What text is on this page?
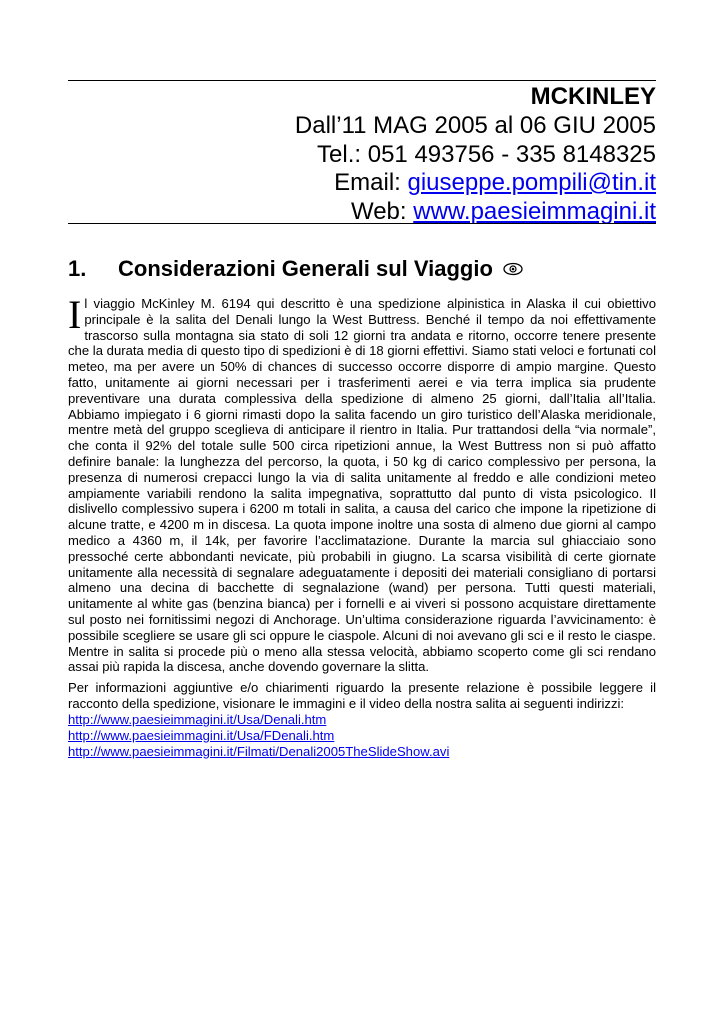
MCKINLEY

Dall’11 MAG 2005 al 06 GIU 2005

Tel.: 051 493756 - 335 8148325

Email: giuseppe.pompili@tin.it

Web: www.paesieimmagini.it

1.	Considerazioni Generali sul Viaggio

Il viaggio McKinley M. 6194 qui descritto è una spedizione alpinistica in Alaska il cui obiettivo principale è la salita del Denali lungo la West Buttress. Benché il tempo da noi effettivamente trascorso sulla montagna sia stato di soli 12 giorni tra andata e ritorno, occorre tenere presente che la durata media di questo tipo di spedizioni è di 18 giorni effettivi. Siamo stati veloci e fortunati col meteo, ma per avere un 50% di chances di successo occorre disporre di ampio margine. Questo fatto, unitamente ai giorni necessari per i trasferimenti aerei e via terra implica sia prudente preventivare una durata complessiva della spedizione di almeno 25 giorni, dall’Italia all’Italia. Abbiamo impiegato i 6 giorni rimasti dopo la salita facendo un giro turistico dell’Alaska meridionale, mentre metà del gruppo sceglieva di anticipare il rientro in Italia. Pur trattandosi della “via normale”, che conta il 92% del totale sulle 500 circa ripetizioni annue, la West Buttress non si può affatto definire banale: la lunghezza del percorso, la quota, i 50 kg di carico complessivo per persona, la presenza di numerosi crepacci lungo la via di salita unitamente al freddo e alle condizioni meteo ampiamente variabili rendono la salita impegnativa, soprattutto dal punto di vista psicologico. Il dislivello complessivo supera i 6200 m totali in salita, a causa del carico che impone la ripetizione di alcune tratte, e 4200 m in discesa. La quota impone inoltre una sosta di almeno due giorni al campo medico a 4360 m, il 14k, per favorire l’acclimatazione. Durante la marcia sul ghiacciaio sono pressoché certe abbondanti nevicate, più probabili in giugno. La scarsa visibilità di certe giornate unitamente alla necessità di segnalare adeguatamente i depositi dei materiali consigliano di portarsi almeno una decina di bacchette di segnalazione (wand) per persona. Tutti questi materiali, unitamente al white gas (benzina bianca) per i fornelli e ai viveri si possono acquistare direttamente sul posto nei fornitissimi negozi di Anchorage. Un’ultima considerazione riguarda l’avvicinamento: è possibile scegliere se usare gli sci oppure le ciaspole. Alcuni di noi avevano gli sci e il resto le ciaspe. Mentre in salita si procede più o meno alla stessa velocità, abbiamo scoperto come gli sci rendano assai più rapida la discesa, anche dovendo governare la slitta.

Per informazioni aggiuntive e/o chiarimenti riguardo la presente relazione è possibile leggere il racconto della spedizione, visionare le immagini e il video della nostra salita ai seguenti indirizzi:

http://www.paesieimmagini.it/Usa/Denali.htm
http://www.paesieimmagini.it/Usa/FDenali.htm
http://www.paesieimmagini.it/Filmati/Denali2005TheSlideShow.avi
